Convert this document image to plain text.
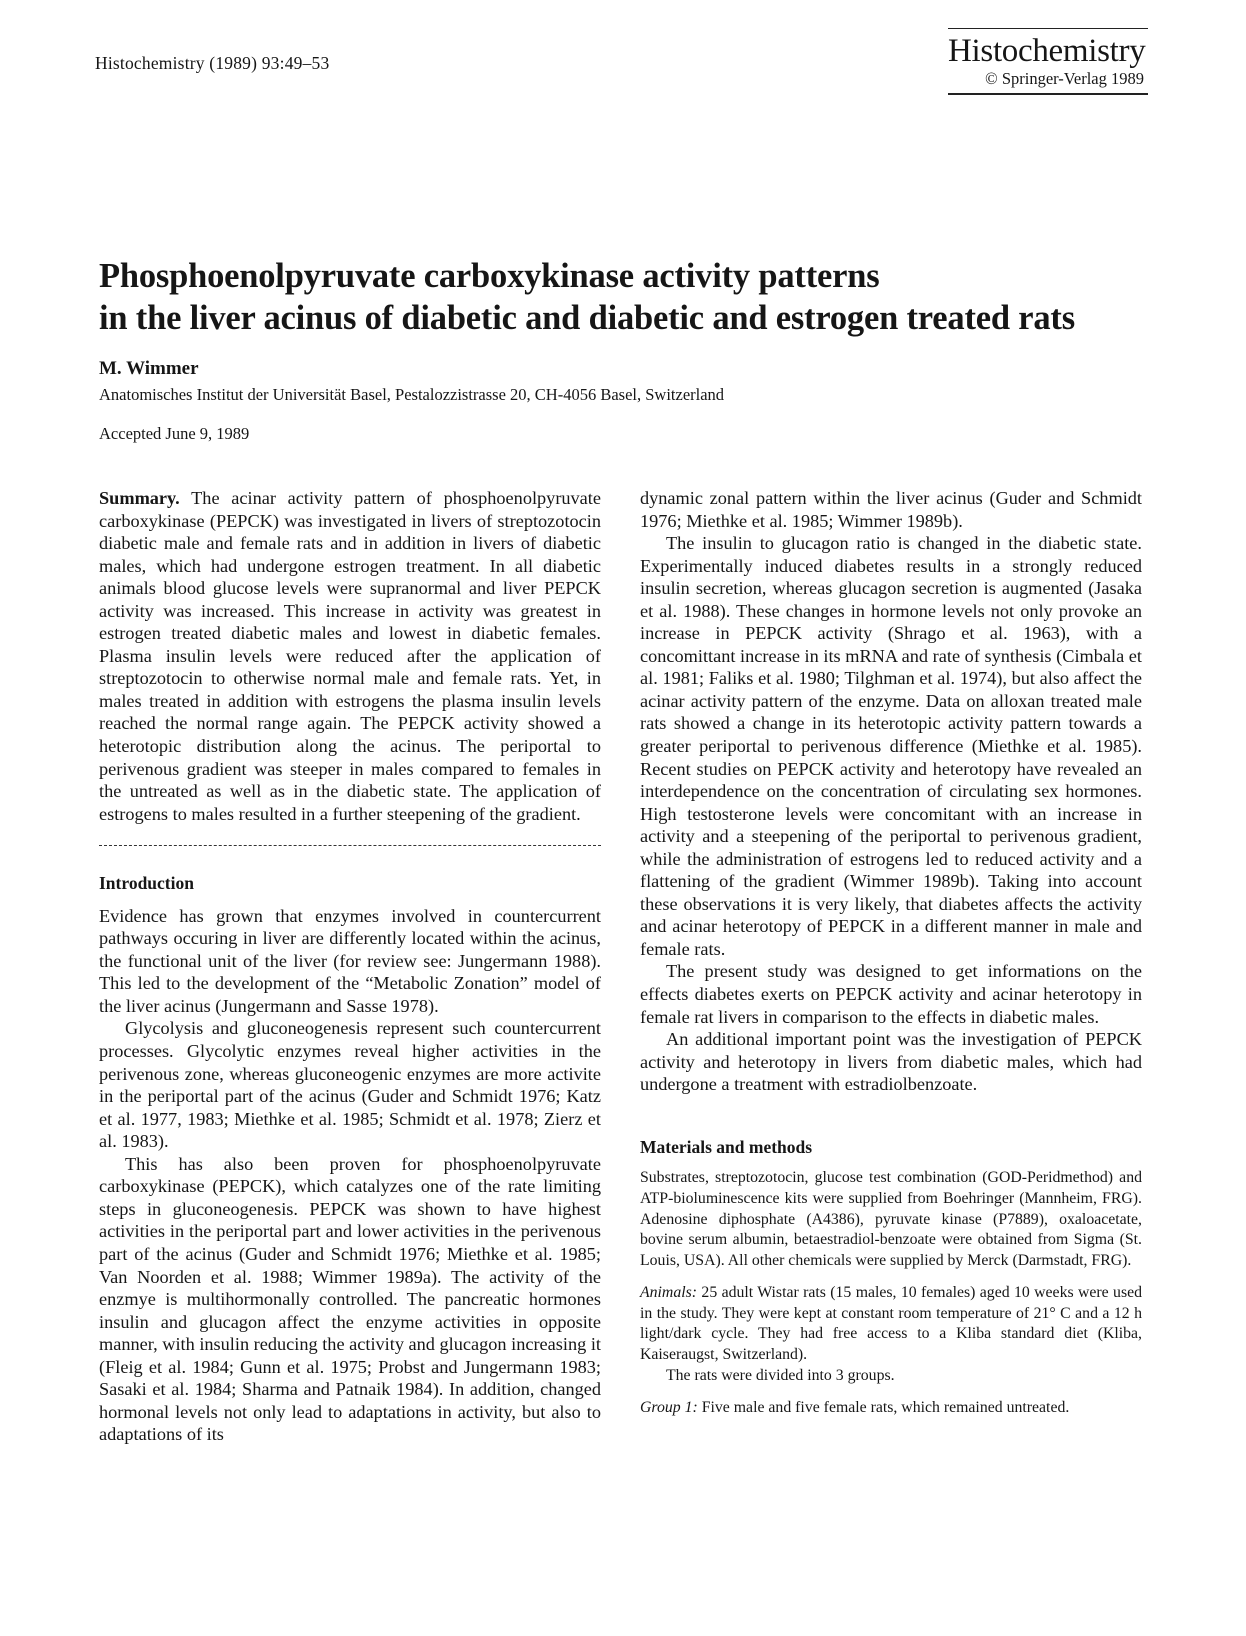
Histochemistry (1989) 93:49–53	Histochemistry
© Springer-Verlag 1989
Phosphoenolpyruvate carboxykinase activity patterns
in the liver acinus of diabetic and diabetic and estrogen treated rats
M. Wimmer
Anatomisches Institut der Universität Basel, Pestalozzistrasse 20, CH-4056 Basel, Switzerland
Accepted June 9, 1989

Summary. The acinar activity pattern of phosphoenolpyruvate carboxykinase (PEPCK) was investigated in livers of streptozotocin diabetic male and female rats and in addition in livers of diabetic males, which had undergone estrogen treatment. In all diabetic animals blood glucose levels were supranormal and liver PEPCK activity was increased. This increase in activity was greatest in estrogen treated diabetic males and lowest in diabetic females. Plasma insulin levels were reduced after the application of streptozotocin to otherwise normal male and female rats. Yet, in males treated in addition with estrogens the plasma insulin levels reached the normal range again. The PEPCK activity showed a heterotopic distribution along the acinus. The periportal to perivenous gradient was steeper in males compared to females in the untreated as well as in the diabetic state. The application of estrogens to males resulted in a further steepening of the gradient.

Introduction

Evidence has grown that enzymes involved in countercurrent pathways occuring in liver are differently located within the acinus, the functional unit of the liver (for review see: Jungermann 1988). This led to the development of the “Metabolic Zonation” model of the liver acinus (Jungermann and Sasse 1978).

Glycolysis and gluconeogenesis represent such countercurrent processes. Glycolytic enzymes reveal higher activities in the perivenous zone, whereas gluconeogenic enzymes are more activite in the periportal part of the acinus (Guder and Schmidt 1976; Katz et al. 1977, 1983; Miethke et al. 1985; Schmidt et al. 1978; Zierz et al. 1983).

This has also been proven for phosphoenolpyruvate carboxykinase (PEPCK), which catalyzes one of the rate limiting steps in gluconeogenesis. PEPCK was shown to have highest activities in the periportal part and lower activities in the perivenous part of the acinus (Guder and Schmidt 1976; Miethke et al. 1985; Van Noorden et al. 1988; Wimmer 1989a). The activity of the enzmye is multihormonally controlled. The pancreatic hormones insulin and glucagon affect the enzyme activities in opposite manner, with insulin reducing the activity and glucagon increasing it (Fleig et al. 1984; Gunn et al. 1975; Probst and Jungermann 1983; Sasaki et al. 1984; Sharma and Patnaik 1984). In addition, changed hormonal levels not only lead to adaptations in activity, but also to adaptations of its

dynamic zonal pattern within the liver acinus (Guder and Schmidt 1976; Miethke et al. 1985; Wimmer 1989b).

The insulin to glucagon ratio is changed in the diabetic state. Experimentally induced diabetes results in a strongly reduced insulin secretion, whereas glucagon secretion is augmented (Jasaka et al. 1988). These changes in hormone levels not only provoke an increase in PEPCK activity (Shrago et al. 1963), with a concomittant increase in its mRNA and rate of synthesis (Cimbala et al. 1981; Faliks et al. 1980; Tilghman et al. 1974), but also affect the acinar activity pattern of the enzyme. Data on alloxan treated male rats showed a change in its heterotopic activity pattern towards a greater periportal to perivenous difference (Miethke et al. 1985). Recent studies on PEPCK activity and heterotopy have revealed an interdependence on the concentration of circulating sex hormones. High testosterone levels were concomitant with an increase in activity and a steepening of the periportal to perivenous gradient, while the administration of estrogens led to reduced activity and a flattening of the gradient (Wimmer 1989b). Taking into account these observations it is very likely, that diabetes affects the activity and acinar heterotopy of PEPCK in a different manner in male and female rats.

The present study was designed to get informations on the effects diabetes exerts on PEPCK activity and acinar heterotopy in female rat livers in comparison to the effects in diabetic males.

An additional important point was the investigation of PEPCK activity and heterotopy in livers from diabetic males, which had undergone a treatment with estradiolbenzoate.

Materials and methods

Substrates, streptozotocin, glucose test combination (GOD-Peridmethod) and ATP-bioluminescence kits were supplied from Boehringer (Mannheim, FRG). Adenosine diphosphate (A4386), pyruvate kinase (P7889), oxaloacetate, bovine serum albumin, betaestradiol-benzoate were obtained from Sigma (St. Louis, USA). All other chemicals were supplied by Merck (Darmstadt, FRG).

Animals: 25 adult Wistar rats (15 males, 10 females) aged 10 weeks were used in the study. They were kept at constant room temperature of 21° C and a 12 h light/dark cycle. They had free access to a Kliba standard diet (Kliba, Kaiseraugst, Switzerland).

The rats were divided into 3 groups.

Group 1: Five male and five female rats, which remained untreated.
